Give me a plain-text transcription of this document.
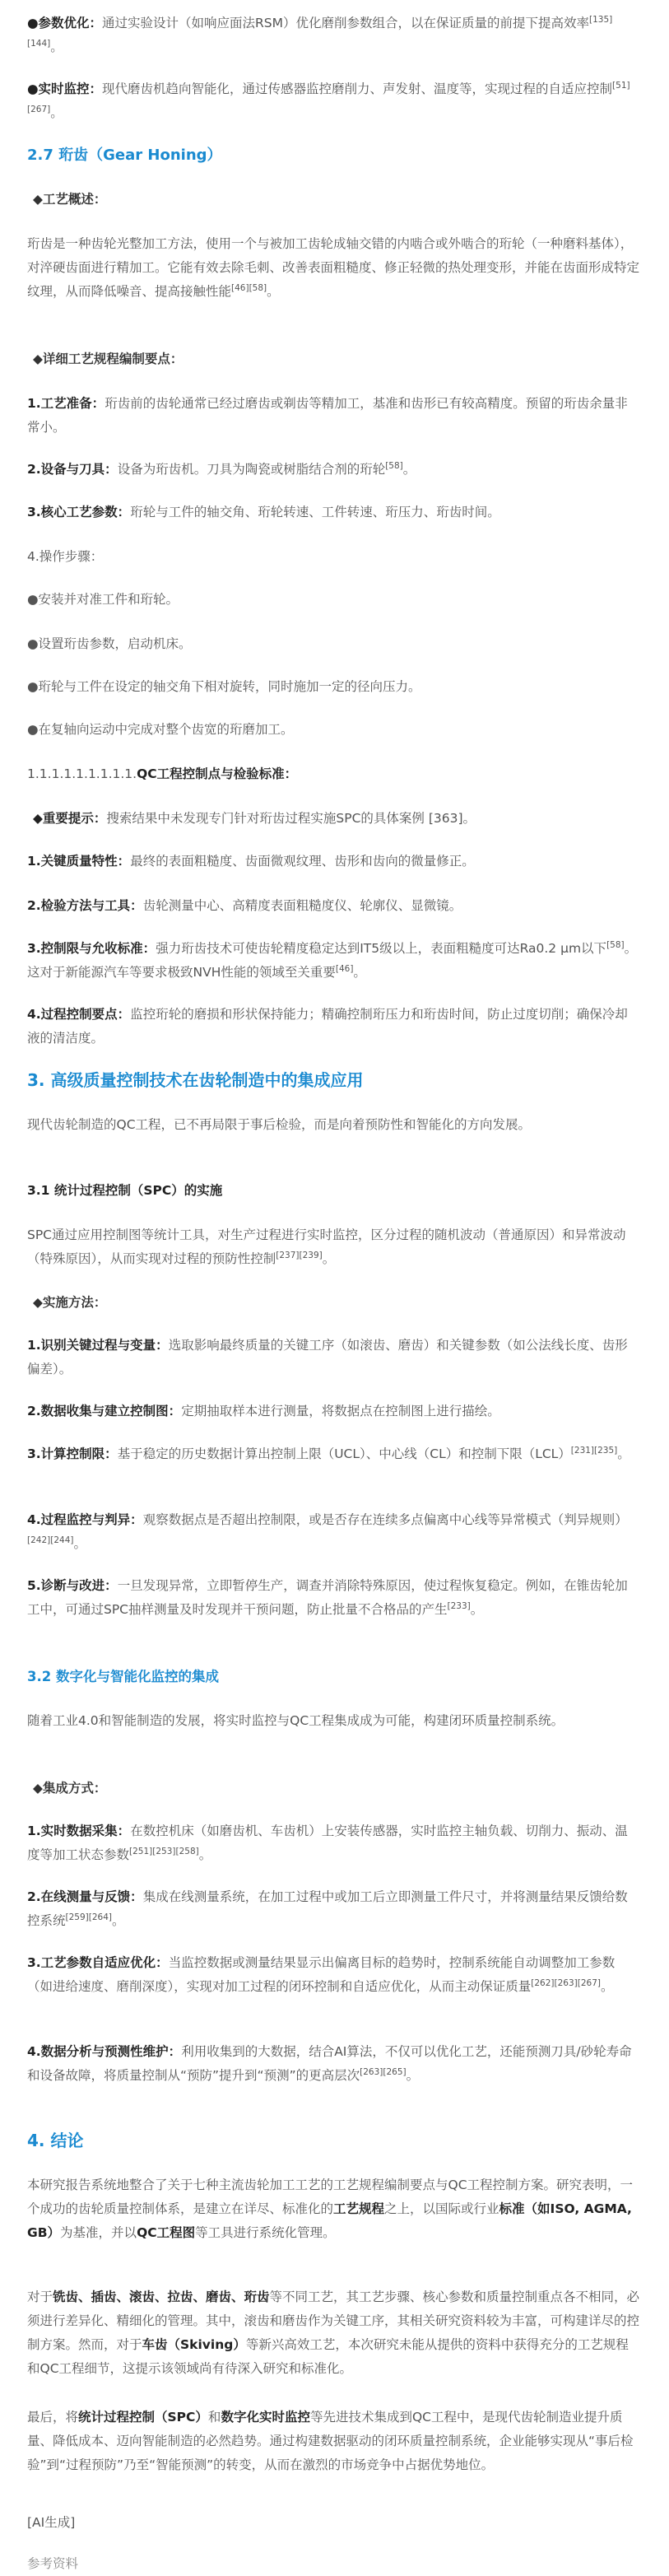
●参数优化：通过实验设计（如响应面法RSM）优化磨削参数组合，以在保证质量的前提下提高效率[135][144]。

●实时监控：现代磨齿机趋向智能化，通过传感器监控磨削力、声发射、温度等，实现过程的自适应控制[51][267]。

2.7 珩齿（Gear Honing）

◆工艺概述：

珩齿是一种齿轮光整加工方法，使用一个与被加工齿轮成轴交错的内啮合或外啮合的珩轮（一种磨料基体），对淬硬齿面进行精加工。它能有效去除毛刺、改善表面粗糙度、修正轻微的热处理变形，并能在齿面形成特定纹理，从而降低噪音、提高接触性能[46][58]。

◆详细工艺规程编制要点：

1.工艺准备：珩齿前的齿轮通常已经过磨齿或剃齿等精加工，基准和齿形已有较高精度。预留的珩齿余量非常小。

2.设备与刀具：设备为珩齿机。刀具为陶瓷或树脂结合剂的珩轮[58]。

3.核心工艺参数：珩轮与工件的轴交角、珩轮转速、工件转速、珩压力、珩齿时间。

4.操作步骤：

●安装并对准工件和珩轮。

●设置珩齿参数，启动机床。

●珩轮与工件在设定的轴交角下相对旋转，同时施加一定的径向压力。

●在复轴向运动中完成对整个齿宽的珩磨加工。

1.1.1.1.1.1.1.1.1.QC工程控制点与检验标准：

◆重要提示：搜索结果中未发现专门针对珩齿过程实施SPC的具体案例 [363]。

1.关键质量特性：最终的表面粗糙度、齿面微观纹理、齿形和齿向的微量修正。

2.检验方法与工具：齿轮测量中心、高精度表面粗糙度仪、轮廓仪、显微镜。

3.控制限与允收标准：强力珩齿技术可使齿轮精度稳定达到IT5级以上，表面粗糙度可达Ra0.2 μm以下[58]。这对于新能源汽车等要求极致NVH性能的领域至关重要[46]。

4.过程控制要点：监控珩轮的磨损和形状保持能力；精确控制珩压力和珩齿时间，防止过度切削；确保冷却液的清洁度。

3. 高级质量控制技术在齿轮制造中的集成应用

现代齿轮制造的QC工程，已不再局限于事后检验，而是向着预防性和智能化的方向发展。

3.1 统计过程控制（SPC）的实施

SPC通过应用控制图等统计工具，对生产过程进行实时监控，区分过程的随机波动（普通原因）和异常波动（特殊原因），从而实现对过程的预防性控制[237][239]。

◆实施方法：

1.识别关键过程与变量：选取影响最终质量的关键工序（如滚齿、磨齿）和关键参数（如公法线长度、齿形偏差）。

2.数据收集与建立控制图：定期抽取样本进行测量，将数据点在控制图上进行描绘。

3.计算控制限：基于稳定的历史数据计算出控制上限（UCL）、中心线（CL）和控制下限（LCL）[231][235]。

4.过程监控与判异：观察数据点是否超出控制限，或是否存在连续多点偏离中心线等异常模式（判异规则）[242][244]。

5.诊断与改进：一旦发现异常，立即暂停生产，调查并消除特殊原因，使过程恢复稳定。例如，在锥齿轮加工中，可通过SPC抽样测量及时发现并干预问题，防止批量不合格品的产生[233]。

3.2 数字化与智能化监控的集成

随着工业4.0和智能制造的发展，将实时监控与QC工程集成成为可能，构建闭环质量控制系统。

◆集成方式：

1.实时数据采集：在数控机床（如磨齿机、车齿机）上安装传感器，实时监控主轴负载、切削力、振动、温度等加工状态参数[251][253][258]。

2.在线测量与反馈：集成在线测量系统，在加工过程中或加工后立即测量工件尺寸，并将测量结果反馈给数控系统[259][264]。

3.工艺参数自适应优化：当监控数据或测量结果显示出偏离目标的趋势时，控制系统能自动调整加工参数（如进给速度、磨削深度），实现对加工过程的闭环控制和自适应优化，从而主动保证质量[262][263][267]。

4.数据分析与预测性维护：利用收集到的大数据，结合AI算法，不仅可以优化工艺，还能预测刀具/砂轮寿命和设备故障，将质量控制从“预防”提升到“预测”的更高层次[263][265]。

4. 结论

本研究报告系统地整合了关于七种主流齿轮加工工艺的工艺规程编制要点与QC工程控制方案。研究表明，一个成功的齿轮质量控制体系，是建立在详尽、标准化的工艺规程之上，以国际或行业标准（如ISO, AGMA, GB）为基准，并以QC工程图等工具进行系统化管理。

对于铣齿、插齿、滚齿、拉齿、磨齿、珩齿等不同工艺，其工艺步骤、核心参数和质量控制重点各不相同，必须进行差异化、精细化的管理。其中，滚齿和磨齿作为关键工序，其相关研究资料较为丰富，可构建详尽的控制方案。然而，对于车齿（Skiving）等新兴高效工艺，本次研究未能从提供的资料中获得充分的工艺规程和QC工程细节，这提示该领域尚有待深入研究和标准化。

最后，将统计过程控制（SPC）和数字化实时监控等先进技术集成到QC工程中，是现代齿轮制造业提升质量、降低成本、迈向智能制造的必然趋势。通过构建数据驱动的闭环质量控制系统，企业能够实现从“事后检验”到“过程预防”乃至“智能预测”的转变，从而在激烈的市场竞争中占据优势地位。

[AI生成]

参考资料
